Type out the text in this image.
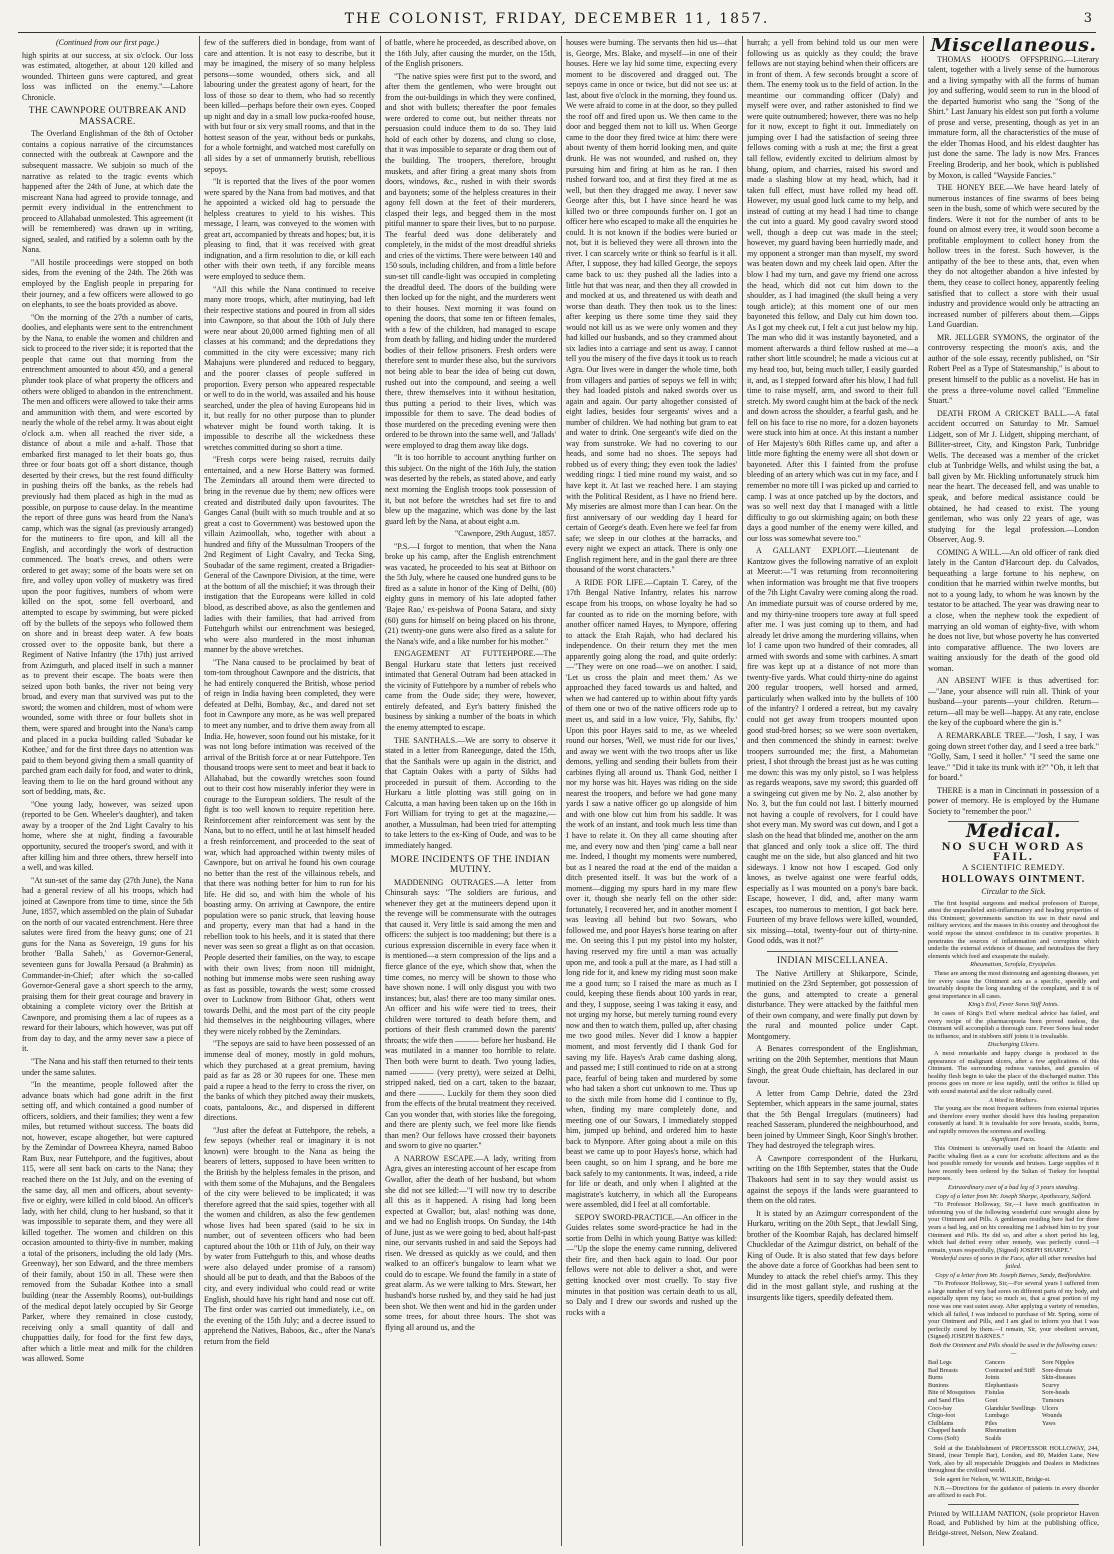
THE COLONIST, FRIDAY, DECEMBER 11, 1857.	3

(Continued from our first page.)

high spirits at our success, at six o'clock. Our loss was estimated, altogether, at about 120 killed and wounded. Thirteen guns were captured, and great loss was inflicted on the enemy."—Lahore Chronicle.

THE CAWNPORE OUTBREAK AND MASSACRE.

The Overland Englishman of the 8th of October contains a copious narrative of the circumstances connected with the outbreak at Cawnpore and the subsequent massacre. We subjoin so much of the narrative as related to the tragic events which happened after the 24th of June, at which date the miscreant Nana had agreed to provide tonnage, and permit every individual in the entrenchment to proceed to Allahabad unmolested. This agreement (it will be remembered) was drawn up in writing, signed, sealed, and ratified by a solemn oath by the Nana.

"All hostile proceedings were stopped on both sides, from the evening of the 24th. The 26th was employed by the English people in preparing for their journey, and a few officers were allowed to go on elephants, to see the boats provided as above.

"On the morning of the 27th a number of carts, doolies, and elephants were sent to the entrenchment by the Nana, to enable the women and children and sick to proceed to the river side; it is reported that the people that came out that morning from the entrenchment amounted to about 450, and a general plunder took place of what property the officers and others were obliged to abandon in the entrenchment. The men and officers were allowed to take their arms and ammunition with them, and were escorted by nearly the whole of the rebel army. It was about eight o'clock a.m. when all reached the river side, a distance of about a mile and a-half. Those that embarked first managed to let their boats go, thus three or four boats got off a short distance, though deserted by their crews, but the rest found difficulty in pushing theirs off the banks, as the rebels had previously had them placed as high in the mud as possible, on purpose to cause delay. In the meantime the report of three guns was heard from the Nana's camp, which was the signal (as previously arranged) for the mutineers to fire upon, and kill all the English, and accordingly the work of destruction commenced. The boat's crews, and others were ordered to get away; some of the boats were set on fire, and volley upon volley of musketry was fired upon the poor fugitives, numbers of whom were killed on the spot, some fell overboard, and attempted to escape by swimming, but were picked off by the bullets of the sepoys who followed them on shore and in breast deep water. A few boats crossed over to the opposite bank, but there a Regiment of Native Infantry (the 17th) just arrived from Azimgurh, and placed itself in such a manner as to prevent their escape. The boats were then seized upon both banks, the river not being very broad, and every man that survived was put to the sword; the women and children, most of whom were wounded, some with three or four bullets shot in them, were spared and brought into the Nana's camp and placed in a pucka building called 'Subadar ke Kothee,' and for the first three days no attention was paid to them beyond giving them a small quantity of parched gram each daily for food, and water to drink, leaving them to lie on the hard ground without any sort of bedding, mats, &c.

"One young lady, however, was seized upon (reported to be Gen. Wheeler's daughter), and taken away by a trooper of the 2nd Light Cavalry to his home, where she at night, finding a favourable opportunity, secured the trooper's sword, and with it after killing him and three others, threw herself into a well, and was killed.

"At sun-set of the same day (27th June), the Nana had a general review of all his troops, which had joined at Cawnpore from time to time, since the 5th June, 1857, which assembled on the plain of Subadar on the north of our vacated entrenchment. Here three salutes were fired from the heavy guns; one of 21 guns for the Nana as Sovereign, 19 guns for his brother 'Balla Saheb,' as Governor-General, seventeen guns for Jowalla Persaud (a Brahmin) as Commander-in-Chief; after which the so-called Governor-General gave a short speech to the army, praising them for their great courage and bravery in obtaining a complete victory over the British at Cawnpore, and promising them a lac of rupees as a reward for their labours, which however, was put off from day to day, and the army never saw a piece of it.

"The Nana and his staff then returned to their tents under the same salutes.

"In the meantime, people followed after the advance boats which had gone adrift in the first setting off, and which contained a good number of officers, soldiers, and their families; they went a few miles, but returned without success. The boats did not, however, escape altogether, but were captured by the Zemindar of Dowreea Kheyra, named Baboo Ram Bux, near Futtehpore, and the fugitives, about 115, were all sent back on carts to the Nana; they reached there on the 1st July, and on the evening of the same day, all men and officers, about seventy-five or eighty, were killed in cold blood. An officer's lady, with her child, clung to her husband, so that it was impossible to separate them, and they were all killed together. The women and children on this occasion amounted to thirty-five in number, making a total of the prisoners, including the old lady (Mrs. Greenway), her son Edward, and the three members of their family, about 150 in all. These were then removed from the Subadar Kothee into a small building (near the Assembly Rooms), out-buildings of the medical depot lately occupied by Sir George Parker, where they remained in close custody, receiving only a small quantity of dall and chuppatties daily, for food for the first few days, after which a little meat and milk for the children was allowed. Some

few of the sufferers died in bondage, from want of care and attention. It is not easy to describe, but it may be imagined, the misery of so many helpless persons—some wounded, others sick, and all labouring under the greatest agony of heart, for the loss of those so dear to them, who had so recently been killed—perhaps before their own eyes. Cooped up night and day in a small low pucka-roofed house, with but four or six very small rooms, and that in the hottest season of the year, without beds or punkahs, for a whole fortnight, and watched most carefully on all sides by a set of unmannerly brutish, rebellious sepoys.

"It is reported that the lives of the poor women were spared by the Nana from bad motives, and that he appointed a wicked old hag to persuade the helpless creatures to yield to his wishes. This message, I learn, was conveyed to the women with great art, accompanied by threats and hopes; but, it is pleasing to find, that it was received with great indignation, and a firm resolution to die, or kill each other with their own teeth, if any forcible means were employed to seduce them.

"All this while the Nana continued to receive many more troops, which, after mutinying, had left their respective stations and poured in from all sides into Cawnpore, so that about the 10th of July there were near about 20,000 armed fighting men of all classes at his command; and the depredations they committed in the city were excessive; many rich Mahajuns were plundered and reduced to beggary, and the poorer classes of people suffered in proportion. Every person who appeared respectable or well to do in the world, was assailed and his house searched, under the plea of having Europeans hid in it, but really for no other purpose than to plunder whatever might be found worth taking. It is impossible to describe all the wickedness these wretches committed during so short a time.

"Fresh corps were being raised, recruits daily entertained, and a new Horse Battery was formed. The Zemindars all around them were directed to bring in the revenue due by them; new offices were created and distributed daily upon favourites. The Ganges Canal (built with so much trouble and at so great a cost to Government) was bestowed upon the villain Azimoollah, who, together with about a hundred and fifty of the Mussulman Troopers of the 2nd Regiment of Light Cavalry, and Tecka Sing, Soubadar of the same regiment, created a Brigadier-General of the Cawnpore Division, at the time, were at the bottom of all the mischief; it was through their instigation that the Europeans were killed in cold blood, as described above, as also the gentlemen and ladies with their families, that had arrived from Futtehgurh whilst our entrenchment was besieged, who were also murdered in the most inhuman manner by the above wretches.

"The Nana caused to be proclaimed by beat of tom-tom throughout Cawnpore and the districts, that he had entirely conquered the British, whose period of reign in India having been completed, they were defeated at Delhi, Bombay, &c., and dared not set foot in Cawnpore any more, as he was well prepared to meet any number, and to drive them away from all India. He, however, soon found out his mistake, for it was not long before intimation was received of the arrival of the British force at or near Futtehpore. Ten thousand troops were sent to meet and beat it back to Allahabad, but the cowardly wretches soon found out to their cost how miserably inferior they were in courage to the European soldiers. The result of the fight is too well known to require repetition here. Reinforcement after reinforcement was sent by the Nana, but to no effect, until he at last himself headed a fresh reinforcement, and proceeded to the seat of war, which had approached within twenty miles of Cawnpore, but on arrival he found his own courage no better than the rest of the villainous rebels, and that there was nothing better for him to run for his life. He did so, and with him the whole of his boasting army. On arriving at Cawnpore, the entire population were so panic struck, that leaving house and property, every man that had a hand in the rebellion took to his heels, and it is stated that there never was seen so great a flight as on that occasion. People deserted their families, on the way, to escape with their own lives; from noon till midnight, nothing but immense mobs were seen rushing away as fast as possible, towards the west; some crossed over to Lucknow from Bithoor Ghat, others went towards Delhi, and the most part of the city people hid themselves in the neighbouring villages, where they were nicely robbed by the Zemindars.

"The sepoys are said to have been possessed of an immense deal of money, mostly in gold mohurs, which they purchased at a great premium, having paid as far as 28 or 30 rupees for one. These men paid a rupee a head to the ferry to cross the river, on the banks of which they pitched away their muskets, coats, pantaloons, &c., and dispersed in different directions.

"Just after the defeat at Futtehpore, the rebels, a few sepoys (whether real or imaginary it is not known) were brought to the Nana as being the bearers of letters, supposed to have been written to the British by the helpless females in the prison, and with them some of the Muhajuns, and the Bengalees of the city were believed to be implicated; it was therefore agreed that the said spies, together with all the women and children, as also the few gentlemen whose lives had been spared (said to be six in number, out of seventeen officers who had been captured about the 10th or 11th of July, on their way by water from Futtehgurh to this, and whose deaths were also delayed under promise of a ransom) should all be put to death, and that the Baboos of the city, and every individual who could read or write English, should have his right hand and nose cut off. The first order was carried out immediately, i.e., on the evening of the 15th July; and a decree issued to apprehend the Natives, Baboos, &c., after the Nana's return from the field

of battle, where he proceeded, as described above, on the 16th July, after causing the murder, on the 15th, of the English prisoners.

"The native spies were first put to the sword, and after them the gentlemen, who were brought out from the out-buildings in which they were confined, and shot with bullets; thereafter the poor females were ordered to come out, but neither threats nor persuasion could induce them to do so. They laid hold of each other by dozens, and clung so close, that it was impossible to separate or drag them out of the building. The troopers, therefore, brought muskets, and after firing a great many shots from doors, windows, &c., rushed in with their swords and bayonets; some of the helpless creatures in their agony fell down at the feet of their murderers, clasped their legs, and begged them in the most pitiful manner to spare their lives, but to no purpose. The fearful deed was done deliberately and completely, in the midst of the most dreadful shrieks and cries of the victims. There were between 140 and 150 souls, including children, and from a little before sun-set till candle-light was occupied in completing the dreadful deed. The doors of the building were then locked up for the night, and the murderers went to their houses. Next morning it was found on opening the doors, that some ten or fifteen females, with a few of the children, had managed to escape from death by falling, and hiding under the murdered bodies of their fellow prisoners. Fresh orders were therefore sent to murder these also, but the survivors not being able to bear the idea of being cut down, rushed out into the compound, and seeing a well there, threw themselves into it without hesitation, thus putting a period to their lives, which was impossible for them to save. The dead bodies of those murdered on the preceding evening were then ordered to be thrown into the same well, and 'Jallads' were employed to drag them away like dogs.

"It is too horrible to account anything further on this subject. On the night of the 16th July, the station was deserted by the rebels, as stated above, and early next morning the English troops took possession of it, but not before the wretches had set fire to and blew up the magazine, which was done by the last guard left by the Nana, at about eight a.m.

"Cawnpore, 29th August, 1857.

"P.S.—I forgot to mention, that when the Nana broke up his camp, after the English entrenchment was vacated, he proceeded to his seat at Bithoor on the 5th July, where he caused one hundred guns to be fired as a salute in honor of the King of Delhi, (80) eighty guns in memory of his late adopted father 'Bajee Rao,' ex-peishwa of Poona Satara, and sixty (60) guns for himself on being placed on his throne, (21) twenty-one guns were also fired as a salute for the Nana's wife, and a like number for his mother."

ENGAGEMENT AT FUTTEHPORE.—The Bengal Hurkaru state that letters just received intimated that General Outram had been attacked in the vicinity of Futtehpore by a number of rebels who came from the Oude side; they were, however, entirely defeated, and Eyr's battery finished the business by sinking a number of the boats in which the enemy attempted to escape.

THE SANTHALS.—We are sorry to observe it stated in a letter from Raneegunge, dated the 15th, that the Santhals were up again in the district, and that Captain Oakes with a party of Sikhs had proceeded in pursuit of them. According to the Hurkaru a little plotting was still going on in Calcutta, a man having been taken up on the 16th in Fort William for trying to get at the magazine,—another, a Mussulman, had been tried for attempting to take letters to the ex-King of Oude, and was to be immediately hanged.

MORE INCIDENTS OF THE INDIAN MUTINY.

MADDENING OUTRAGES.—A letter from Chinsurah says: "The soldiers are furious, and whenever they get at the mutineers depend upon it the revenge will be commensurate with the outrages that caused it. Very little is said among the men and officers: the subject is too maddening; but there is a curious expression discernible in every face when it is mentioned—a stern compression of the lips and a fierce glance of the eye, which show that, when the time comes, no mercy will be shown to those who have shown none. I will only disgust you with two instances; but, alas! there are too many similar ones. An officer and his wife were tied to trees, their children were tortured to death before them, and portions of their flesh crammed down the parents' throats; the wife then ——— before her husband. He was mutilated in a manner too horrible to relate. Then both were burnt to death. Two young ladies, named ——— (very pretty), were seized at Delhi, stripped naked, tied on a cart, taken to the bazaar, and there ———. Luckily for them they soon died from the effects of the brutal treatment they received. Can you wonder that, with stories like the foregoing, and there are plenty such, we feel more like fiends than men? Our fellows have crossed their bayonets and sworn to give no quarter."

A NARROW ESCAPE.—A lady, writing from Agra, gives an interesting account of her escape from Gwallor, after the death of her husband, but whom she did not see killed:—"I will now try to describe all this as it happened. A rising had long been expected at Gwallor; but, alas! nothing was done, and we had no English troops. On Sunday, the 14th of June, just as we were going to bed, about half-past nine, our servants rushed in and said the Sepoys had risen. We dressed as quickly as we could, and then walked to an officer's bungalow to learn what we could do to escape. We found the family in a state of great alarm. As we were talking to Mrs. Stewart, her husband's horse rushed by, and they said he had just been shot. We then went and hid in the garden under some trees, for about three hours. The shot was flying all around us, and the

houses were burning. The servants then hid us—that is, George, Mrs. Blake, and myself—in one of their houses. Here we lay hid some time, expecting every moment to be discovered and dragged out. The sepoys came in once or twice, but did not see us: at last, about five o'clock in the morning, they found us. We were afraid to come in at the door, so they pulled the roof off and fired upon us. We then came to the door and begged them not to kill us. When George came to the door they fired twice at him: there were about twenty of them horrid looking men, and quite drunk. He was not wounded, and rushed on, they pursuing him and firing at him as he ran. I then rushed forward too, and at first they fired at me as well, but then they dragged me away. I never saw George after this, but I have since heard he was killed two or three compounds further on. I got an officer here who escaped to make all the enquiries he could. It is not known if the bodies were buried or not, but it is believed they were all thrown into the river. I can scarcely write or think so fearful is it all. After, I suppose, they had killed George, the sepoys came back to us: they pushed all the ladies into a little hut that was near, and then they all crowded in and mocked at us, and threatened us with death and worse than death. They then took us to the lines: after keeping us there some time they said they would not kill us as we were only women and they had killed our husbands, and so they crammed about six ladies into a carriage and sent us away. I cannot tell you the misery of the five days it took us to reach Agra. Our lives were in danger the whole time, both from villagers and parties of sepoys we fell in with; they had loaded pistols and naked swords over us again and again. Our party altogether consisted of eight ladies, besides four sergeants' wives and a number of children. We had nothing but gram to eat and water to drink. One sergeant's wife died on the way from sunstroke. We had no covering to our heads, and some had no shoes. The sepoys had robbed us of every thing; they even took the ladies' wedding rings: I tied mine round my waist, and so have kept it. At last we reached here. I am staying with the Political Resident, as I have no friend here. My miseries are almost more than I can bear. On the first anniversary of our wedding day I heard for certain of George's death. Even here we feel far from safe; we sleep in our clothes at the barracks, and every night we expect an attack. There is only one English regiment here, and in the gaol there are three thousand of the worst characters."

A RIDE FOR LIFE.—Captain T. Carey, of the 17th Bengal Native Infantry, relates his narrow escape from his troops, on whose loyalty he had so far counted as to ride on the morning before, with another officer named Hayes, to Mynpore, offering to attack the Etah Rajah, who had declared his independence. On their return they met the men apparently going along the road, and quite orderly:—"They were on one road—we on another. I said, 'Let us cross the plain and meet them.' As we approached they faced towards us and halted, and when we had cantered up to within about fifty yards of them one or two of the native officers rode up to meet us, and said in a low voice, 'Fly, Sahibs, fly.' Upon this poor Hayes said to me, as we wheeled round our horses, 'Well, we must ride for our lives,' and away we went with the two troops after us like demons, yelling and sending their bullets from their carbines flying all around us. Thank God, neither I nor my horse was hit. Hayes was riding on the side nearest the troopers, and before we had gone many yards I saw a native officer go up alongside of him and with one blow cut him from his saddle. It was the work of an instant, and took much less time than I have to relate it. On they all came shouting after me, and every now and then 'ping' came a ball near me. Indeed, I thought my moments were numbered, but as I neared the road at the end of the maidan a ditch presented itself. It was but the work of a moment—digging my spurs hard in my mare flew over it, though she nearly fell on the other side: fortunately, I recovered her, and in another moment I was leaving all behind but two Sowars, who followed me, and poor Hayes's horse tearing on after me. On seeing this I put my pistol into my holster, having reserved my fire until a man was actually upon me, and took a pull at the mare, as I had still a long ride for it, and knew my riding must soon make me a good turn; so I raised the mare as much as I could, keeping these fiends about 100 yards in rear, and they, I suppose, seeing I was taking it easy, and not urging my horse, but merely turning round every now and then to watch them, pulled up, after chasing me two good miles. Never did I know a happier moment, and most fervently did I thank God for saving my life. Hayes's Arab came dashing along, and passed me; I still continued to ride on at a strong pace, fearful of being taken and murdered by some who had taken a short cut unknown to me. Thus up to the sixth mile from home did I continue to fly, when, finding my mare completely done, and meeting one of our Sowars, I immediately stopped him, jumped up behind, and ordered him to haste back to Mynpore. After going about a mile on this beast we came up to poor Hayes's horse, which had been caught, so on him I sprang, and he bore me back safely to my cantonments. It was, indeed, a ride for life or death, and only when I alighted at the magistrate's kutcherry, in which all the Europeans were assembled, did I feel at all comfortable.

SEPOY SWORD-PRACTICE.—An officer in the Guides relates some sword-practice he had in the sortie from Delhi in which young Battye was killed:—"Up the slope the enemy came running, delivered their fire, and then back again to load. Our poor fellows were not able to deliver a shot, and were getting knocked over most cruelly. To stay five minutes in that position was certain death to us all, so Daly and I drew our swords and rushed up the rocks with a

hurrah; a yell from behind told us our men were following us as quickly as they could; the brave fellows are not staying behind when their officers are in front of them. A few seconds brought a score of them. The enemy took us to the field of action. In the meantime our commanding officer (Daly) and myself were over, and rather astonished to find we were quite outnumbered; however, there was no help for it now, except to fight it out. Immediately on jumping over I had the satisfaction of seeing three fellows coming with a rush at me; the first a great tall fellow, evidently excited to delirium almost by bhang, opium, and charries, raised his sword and made a slashing blow at my head, which, had it taken full effect, must have rolled my head off. However, my usual good luck came to my help, and instead of cutting at my head I had time to change the cut into a guard. My good cavalry sword stood well, though a deep cut was made in the steel; however, my guard having been hurriedly made, and my opponent a stronger man than myself, my sword was beaten down and my cheek laid open. After the blow I had my turn, and gave my friend one across the head, which did not cut him down to the shoulder, as I had imagined (the skull being a very tough article); at this moment one of our men bayoneted this fellow, and Daly cut him down too. As I got my cheek cut, I felt a cut just below my hip. The man who did it was instantly bayoneted, and a moment afterwards a third fellow rushed at me—a rather short little scoundrel; he made a vicious cut at my head too, but, being much taller, I easily guarded it, and, as I stepped forward after his blow, I had full time to raise myself, arm, and sword to their full stretch. My sword caught him at the back of the neck and down across the shoulder, a fearful gash, and he fell on his face to rise no more, for a dozen bayonets were stuck into him at once. At this instant a number of Her Majesty's 60th Rifles came up, and after a little more fighting the enemy were all shot down or bayoneted. After this I fainted from the profuse bleeding of an artery which was cut in my face, and I remember no more till I was picked up and carried to camp. I was at once patched up by the doctors, and was so well next day that I managed with a little difficulty to go out skirmishing again; on both these days a good number of the enemy were killed, and our loss was somewhat severe too."

A GALLANT EXPLOIT.—Lieutenant de Kantzow gives the following narrative of an exploit at Meerut:—"I was returning from reconnoitering when information was brought me that five troopers of the 7th Light Cavalry were coming along the road. An immediate pursuit was of course ordered by me, and my thirty-nine troopers tore away at full speed after me. I was just coming up to them, and had already let drive among the murdering villains, when lo! I came upon two hundred of their comrades, all armed with swords and some with carbines. A smart fire was kept up at a distance of not more than twenty-five yards. What could thirty-nine do against 200 regular troopers, well horsed and armed, particularly when walked into by the bullets of 100 of the infantry? I ordered a retreat, but my cavalry could not get away from troopers mounted upon good stud-bred horses; so we were soon overtaken, and then commenced the shindy in earnest: twelve troopers surrounded me; the first, a Mahometan priest, I shot through the breast just as he was cutting me down: this was my only pistol, so I was helpless as regards weapons, save my sword; this guarded off a swingeing cut given me by No. 2, also another by No. 3, but the fun could not last. I bitterly mourned not having a couple of revolvers, for I could have shot every man. My sword was cut down, and I got a slash on the head that blinded me, another on the arm that glanced and only took a slice off. The third caught me on the side, but also glanced and hit two sideways. I know not how I escaped. God only knows, as twelve against one were fearful odds, especially as I was mounted on a pony's bare back. Escape, however, I did, and, after many warm escapes, too numerous to mention, I got back here. Fourteen of my brave fellows were killed, wounded, six missing—total, twenty-four out of thirty-nine. Good odds, was it not?"

INDIAN MISCELLANEA.

The Native Artillery at Shikarpore, Scinde, mutinied on the 23rd September, got possession of the guns, and attempted to create a general disturbance. They were attacked by the faithful men of their own company, and were finally put down by the rural and mounted police under Capt. Montgomery.

A Benares correspondent of the Englishman, writing on the 20th September, mentions that Maun Singh, the great Oude chieftain, has declared in our favour.

A letter from Camp Dehrie, dated the 23rd September, which appears in the same journal, states that the 5th Bengal Irregulars (mutineers) had reached Sasseram, plundered the neighbourhood, and been joined by Ummeer Singh, Koor Singh's brother. They had destroyed the telegraph wires.

A Cawnpore correspondent of the Hurkaru, writing on the 18th September, states that the Oude Thakoors had sent in to say they would assist us against the sepoys if the lands were guaranteed to them on the old rates.

It is stated by an Azimgurr correspondent of the Hurkaru, writing on the 20th Sept., that Jewlall Sing, brother of the Koombar Rajah, has declared himself Chuckledar of the Azimgur district, on behalf of the King of Oude. It is also stated that few days before the above date a force of Goorkhas had been sent to Mundey to attack the rebel chief's army. This they did in the most gallant style, and rushing at the insurgents like tigers, speedily defeated them.

Miscellaneous.

THOMAS HOOD'S OFFSPRING.—Literary talent, together with a lively sense of the humorous and a living sympathy with all the forms of human joy and suffering, would seem to run in the blood of the departed humorist who sang the "Song of the Shirt." Last January his eldest son put forth a volume of prose and verse, presenting, though as yet in an immature form, all the characteristics of the muse of the elder Thomas Hood, and his eldest daughter has just done the same. The lady is now Mrs. Frances Freeling Broderip, and her book, which is published by Moxon, is called "Wayside Fancies."

THE HONEY BEE.—We have heard lately of numerous instances of fine swarms of bees being seen in the bush, some of which were secured by the finders. Were it not for the number of ants to be found on almost every tree, it would soon become a profitable employment to collect honey from the hollow trees in the forest. Such however, is the antipathy of the bee to these ants, that, even when they do not altogether abandon a hive infested by them, they cease to collect honey, apparently feeling satisfied that to collect a store with their usual industry and providence would only be attracting an increased number of pilferers about them.—Gipps Land Guardian.

MR. JELLGER SYMONS, the orginator of the controversy respecting the moon's axis, and the author of the sole essay, recently published, on "Sir Robert Peel as a Type of Statesmanship," is about to present himself to the public as a novelist. He has in the press a three-volume novel called "Emmeline Stuart."

DEATH FROM A CRICKET BALL.—A fatal accident occurred on Saturday to Mr. Samuel Lidgett, son of Mr J. Lidgett, shipping merchant, of Billiter-street, City, and Kingston Park, Tunbridge Wells. The deceased was a member of the cricket club at Tunbridge Wells, and whilst using the bat, a ball given by Mr. Hickling unfortunately struck him near the heart. The deceased fell, and was unable to speak, and before medical assistance could be obtained, he had ceased to exist. The young gentleman, who was only 22 years of age, was studying for the legal profession.—London Observer, Aug. 9.

COMING A WILL.—An old officer of rank died lately in the Canton d'Harcourt dep. du Calvados, bequeathing a large fortune to his nephew, on condition that he married within twelve months, but not to a young lady, to whom he was known by the testator to be attached. The year was drawing near to a close, when the nephew took the expedient of marrying an old woman of eighty-five, with whom he does not live, but whose poverty he has converted into comparative affluence. The two lovers are waiting anxiously for the death of the good old woman.

AN ABSENT WIFE is thus advertised for:—"Jane, your absence will ruin all. Think of your husband—your parents—your children. Return—return—all may be well—happy. At any rate, enclose the key of the cupboard where the gin is."

A REMARKABLE TREE.—"Josh, I say, I was going down street t'other day, and I seed a tree bark." "Golly, Sam, I seed it holler." "I seed the same one leave." "Did it take its trunk with it?" "Oh, it left that for board."

THERE is a man in Cincinnati in possession of a power of memory. He is employed by the Humane Society to "remember the poor."

Medical.
NO SUCH WORD AS FAIL.
A SCIENTIFIC REMEDY.
HOLLOWAYS OINTMENT.
Circular to the Sick.

The first hospital surgeons and medical professors of Europe, attest the unparalleled anti-inflammatory and healing properties of this Ointment; governments sanction its use in their naval and military services; and the masses in this country and throughout the world repose the utmost confidence in its curative properties. It penetrates the sources of inflammation and corruption which underlie the external evidence of disease, and neutralizes the fiery elements which feed and exasperate the malady.

Rheumatism, Scrofula, Erysipelas.

These are among the most distressing and agonising diseases, yet for every cause the Ointment acts as a specific, speedily and invariably despite the long standing of the complaint, and it is of great importance in all cases.

King's Evil, Fever Sores Stiff Joints.

In cases of King's Evil where medical advice has failed, and every recipe of the pharmacopoeia been proved useless, the Ointment will accomplish a thorough cure. Fever Sores heal under its influence, and in stubborn stiff joints it is invaluable.

Discharging Ulcers.

A most remarkable and happy change is produced in the appearance of malignant ulcers, after a few applications of this Ointment. The surrounding redness vanishes, and granules of healthy flesh begin to take the place of the discharged matter. This process goes on more or less rapidly, until the orifice is filled up with sound material and the ulcer radically cured.

A Word to Mothers.

The young are the most frequent sufferers from external injuries and therefore every mother should have this healing preparation constantly at hand. It is invaluable for sore breasts, scalds, burns, and rapidly removes the soreness and swelling.

Significant Facts.

This Ointment is universally used on board the Atlantic and Pacific whaling fleet as a cure for scorbutic affections and as the best possible remedy for wounds and bruises. Large supplies of it have recently been ordered by the Sultan of Turkey for hospital purposes.

Extraordinary cure of a bad leg of 3 years standing.

Copy of a letter from Mr. Joseph Sharpe, Apothecary, Salford.

"To Professor Holloway, Sir,—I have much gratification in informing you of the following wonderful cure wrought alone by your Ointment and Pills. A gentleman residing here had for three years a bad leg, and on his consulting me I advised him to try your Ointment and Pills. He did so, and after a short period his leg, which had defied every other remedy, was perfectly cured.—I remain, yours respectfully, (Signed) JOSEPH SHARPE."

Wonderful cures of sores in the Face, after all other remedies had failed.

Copy of a letter from Mr. Joseph Barnes, Sandy, Bedfordshire.

"To Professor Holloway, Sir,—For several years I suffered from a large number of very bad sores on different parts of my body, and especially upon my face; so much so, that a great portion of my nose was one vast eaten away. After applying a variety of remedies, which all failed, I was induced to purchase of Mr. Spring, some of your Ointment and Pills, and I am glad to inform you that I was perfectly cured by them.—I remain, Sir, your obedient servant, (Signed) JOSEPH BARNES."

Both the Ointment and Pills should be used in the following cases:—

Bad Legs	Cancers	Sore Nipples
Bad Breasts	Contracted and Stiff	Sore-throats
Burns	Joints	Skin-diseases
Bunions	Elephantiasis	Scurvy
Bite of Mosquitoes	Fistulas	Sore-heads
and Sand Flies	Gout	Tumours
Coco-bay	Glandular Swellings	Ulcers
Chigo-foot	Lumbago	Wounds
Chilblains	Piles	Yaws
Chapped hands	Rheumatism
Corns (Soft)	Scalds

Sold at the Establishment of PROFESSOR HOLLOWAY, 244, Strand, (near Temple Bar), London, and 80, Maiden Lane, New York, also by all respectable Druggists and Dealers in Medicines throughout the civilized world.

Sole agent for Nelson, W. WILKIE, Bridge-st.

N.B.—Directions for the guidance of patients in every disorder are affixed to each Pot.

Printed by WILLIAM NATION, (sole proprietor Haven Road, and Published by him at the publishing office, Bridge-street, Nelson, New Zealand.
